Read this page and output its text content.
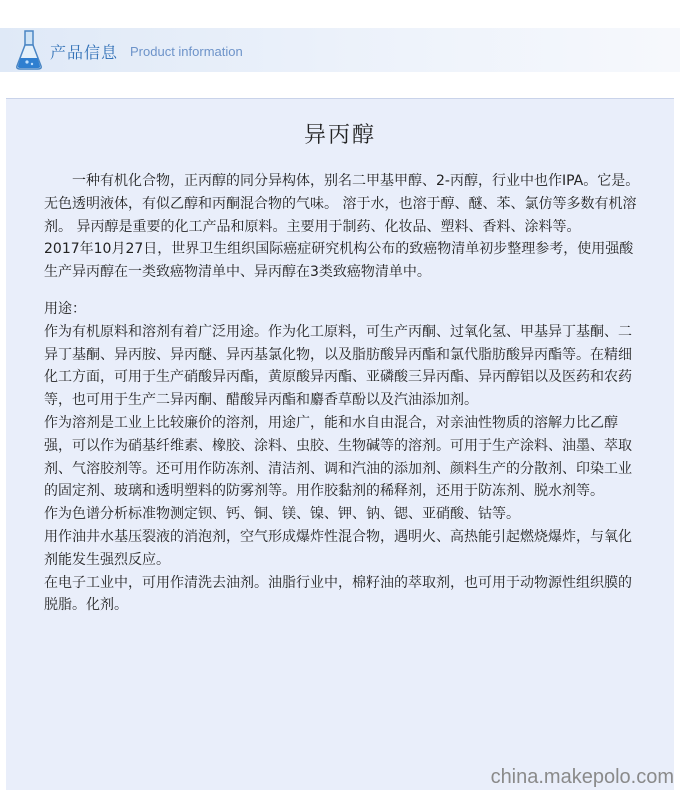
产品信息 Product information
异丙醇

一种有机化合物，正丙醇的同分异构体，别名二甲基甲醇、2-丙醇，行业中也作IPA。它是。无色透明液体，有似乙醇和丙酮混合物的气味。 溶于水，也溶于醇、醚、苯、氯仿等多数有机溶剂。 异丙醇是重要的化工产品和原料。主要用于制药、化妆品、塑料、香料、涂料等。

2017年10月27日，世界卫生组织国际癌症研究机构公布的致癌物清单初步整理参考，使用强酸生产异丙醇在一类致癌物清单中、异丙醇在3类致癌物清单中。

用途：

作为有机原料和溶剂有着广泛用途。作为化工原料，可生产丙酮、过氧化氢、甲基异丁基酮、二异丁基酮、异丙胺、异丙醚、异丙基氯化物，以及脂肪酸异丙酯和氯代脂肪酸异丙酯等。在精细化工方面，可用于生产硝酸异丙酯，黄原酸异丙酯、亚磷酸三异丙酯、异丙醇铝以及医药和农药等，也可用于生产二异丙酮、醋酸异丙酯和麝香草酚以及汽油添加剂。

作为溶剂是工业上比较廉价的溶剂，用途广，能和水自由混合，对亲油性物质的溶解力比乙醇强，可以作为硝基纤维素、橡胶、涂料、虫胶、生物碱等的溶剂。可用于生产涂料、油墨、萃取剂、气溶胶剂等。还可用作防冻剂、清洁剂、调和汽油的添加剂、颜料生产的分散剂、印染工业的固定剂、玻璃和透明塑料的防雾剂等。用作胶黏剂的稀释剂，还用于防冻剂、脱水剂等。

作为色谱分析标准物测定钡、钙、铜、镁、镍、钾、钠、锶、亚硝酸、钴等。

用作油井水基压裂液的消泡剂，空气形成爆炸性混合物，遇明火、高热能引起燃烧爆炸，与氧化剂能发生强烈反应。

在电子工业中，可用作清洗去油剂。油脂行业中，棉籽油的萃取剂，也可用于动物源性组织膜的脱脂。化剂。

china.makepolo.com
